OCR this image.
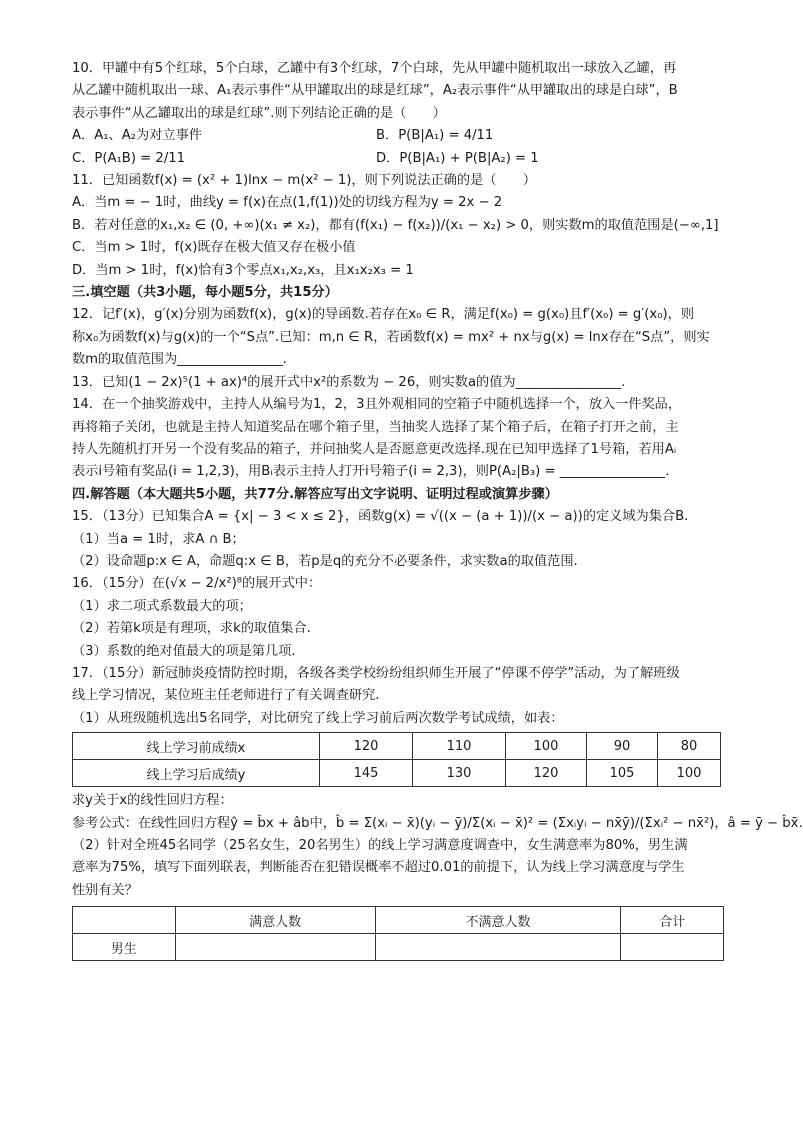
10．甲罐中有5个红球，5个白球，乙罐中有3个红球，7个白球，先从甲罐中随机取出一球放入乙罐，再
从乙罐中随机取出一球、A₁表示事件“从甲罐取出的球是红球”，A₂表示事件“从甲罐取出的球是白球”，B
表示事件“从乙罐取出的球是红球”.则下列结论正确的是（　　）
A．A₁、A₂为对立事件	B．P(B|A₁) = 4/11
C．P(A₁B) = 2/11	D．P(B|A₁) + P(B|A₂) = 1
11．已知函数f(x) = (x² + 1)lnx − m(x² − 1)，则下列说法正确的是（　　）
A．当m = − 1时，曲线y = f(x)在点(1,f(1))处的切线方程为y = 2x − 2
B．若对任意的x₁,x₂ ∈ (0, +∞)(x₁ ≠ x₂)，都有(f(x₁) − f(x₂))/(x₁ − x₂) > 0，则实数m的取值范围是(−∞,1]
C．当m > 1时，f(x)既存在极大值又存在极小值
D．当m > 1时，f(x)恰有3个零点x₁,x₂,x₃，且x₁x₂x₃ = 1
三.填空题（共3小题，每小题5分，共15分）
12．记f′(x)，g′(x)分别为函数f(x)，g(x)的导函数.若存在x₀ ∈ R，满足f(x₀) = g(x₀)且f′(x₀) = g′(x₀)，则
称x₀为函数f(x)与g(x)的一个“S点”.已知：m,n ∈ R，若函数f(x) = mx² + nx与g(x) = lnx存在“S点”，则实
数m的取值范围为________________.
13．已知(1 − 2x)⁵(1 + ax)⁴的展开式中x²的系数为 − 26，则实数a的值为________________.
14．在一个抽奖游戏中，主持人从编号为1，2，3且外观相同的空箱子中随机选择一个，放入一件奖品，
再将箱子关闭，也就是主持人知道奖品在哪个箱子里，当抽奖人选择了某个箱子后，在箱子打开之前，主
持人先随机打开另一个没有奖品的箱子，并问抽奖人是否愿意更改选择.现在已知甲选择了1号箱，若用Aᵢ
表示i号箱有奖品(i = 1,2,3)，用Bᵢ表示主持人打开i号箱子(i = 2,3)，则P(A₂|B₃) = ________________.
四.解答题（本大题共5小题，共77分.解答应写出文字说明、证明过程或演算步骤）
15．（13分）已知集合A = {x| − 3 < x ≤ 2}，函数g(x) = √((x − (a + 1))/(x − a))的定义域为集合B.
（1）当a = 1时，求A ∩ B；
（2）设命题p:x ∈ A，命题q:x ∈ B，若p是q的充分不必要条件，求实数a的取值范围.
16．（15分）在(√x − 2/x²)⁸的展开式中：
（1）求二项式系数最大的项；
（2）若第k项是有理项，求k的取值集合.
（3）系数的绝对值最大的项是第几项.
17．（15分）新冠肺炎疫情防控时期，各级各类学校纷纷组织师生开展了“停课不停学”活动，为了解班级
线上学习情况，某位班主任老师进行了有关调查研究.
（1）从班级随机选出5名同学，对比研究了线上学习前后两次数学考试成绩，如表：
线上学习前成绩x	120	110	100	90	80
线上学习后成绩y	145	130	120	105	100
求y关于x的线性回归方程：
参考公式：在线性回归方程ŷ = b̂x + âb中，b̂ = Σ(xᵢ − x̄)(yᵢ − ȳ)/Σ(xᵢ − x̄)² = (Σxᵢyᵢ − nx̄ȳ)/(Σxᵢ² − nx̄²)，â = ȳ − b̂x̄.
（2）针对全班45名同学（25名女生，20名男生）的线上学习满意度调查中，女生满意率为80%，男生满
意率为75%，填写下面列联表，判断能否在犯错误概率不超过0.01的前提下，认为线上学习满意度与学生
性别有关？
	满意人数	不满意人数	合计
男生			
